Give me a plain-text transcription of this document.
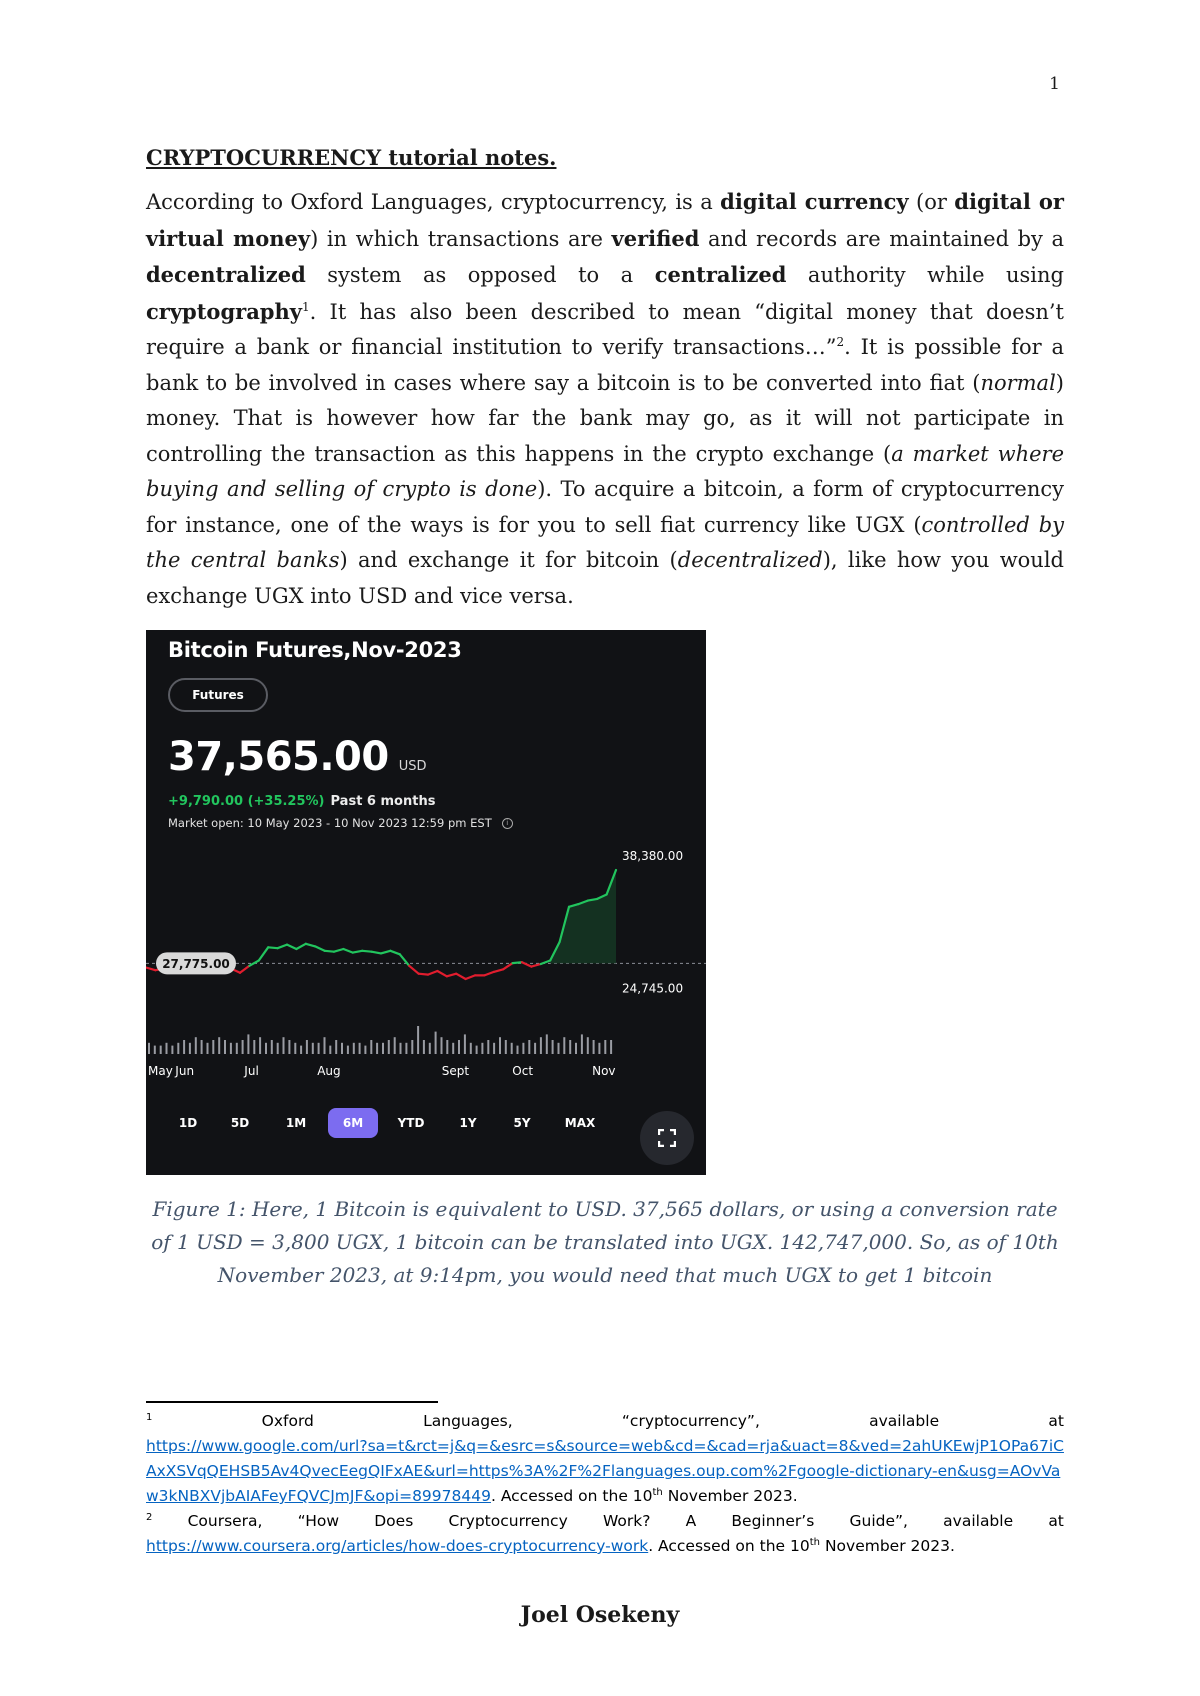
1

CRYPTOCURRENCY tutorial notes.

According to Oxford Languages, cryptocurrency, is a digital currency (or digital or virtual money) in which transactions are verified and records are maintained by a decentralized system as opposed to a centralized authority while using cryptography$^1$. It has also been described to mean “digital money that doesn’t require a bank or financial institution to verify transactions…”$^2$. It is possible for a bank to be involved in cases where say a bitcoin is to be converted into fiat (normal) money. That is however how far the bank may go, as it will not participate in controlling the transaction as this happens in the crypto exchange (a market where buying and selling of crypto is done). To acquire a bitcoin, a form of cryptocurrency for instance, one of the ways is for you to sell fiat currency like UGX (controlled by the central banks) and exchange it for bitcoin (decentralized), like how you would exchange UGX into USD and vice versa.

Bitcoin Futures,Nov-2023
Futures
37,565.00 USD
+9,790.00 (+35.25%) Past 6 months
Market open: 10 May 2023 - 10 Nov 2023 12:59 pm EST i
27,775.00
38,380.00
24,745.00
May Jun	Jul	Aug	Sept	Oct	Nov
1D	5D	1M	6M	YTD	1Y	5Y	MAX
Figure 1: Here, 1 Bitcoin is equivalent to USD. 37,565 dollars, or using a conversion rate of 1 USD = 3,800 UGX, 1 bitcoin can be translated into UGX. 142,747,000. So, as of 10th November 2023, at 9:14pm, you would need that much UGX to get 1 bitcoin
$^1$	Oxford	Languages,	“cryptocurrency”,	available	at
https://www.google.com/url?sa=t&rct=j&q=&esrc=s&source=web&cd=&cad=rja&uact=8&ved=2ahUKEwjP1OPa67iCAxXSVqQEHSB5Av4QvecEegQIFxAE&url=https%3A%2F%2Flanguages.oup.com%2Fgoogle-dictionary-en&usg=AOvVaw3kNBXVjbAIAFeyFQVCJmJF&opi=89978449. Accessed on the 10th November 2023.
$^2$ Coursera, “How Does Cryptocurrency Work? A Beginner’s Guide”, available at
https://www.coursera.org/articles/how-does-cryptocurrency-work. Accessed on the 10th November 2023.
Joel Osekeny
